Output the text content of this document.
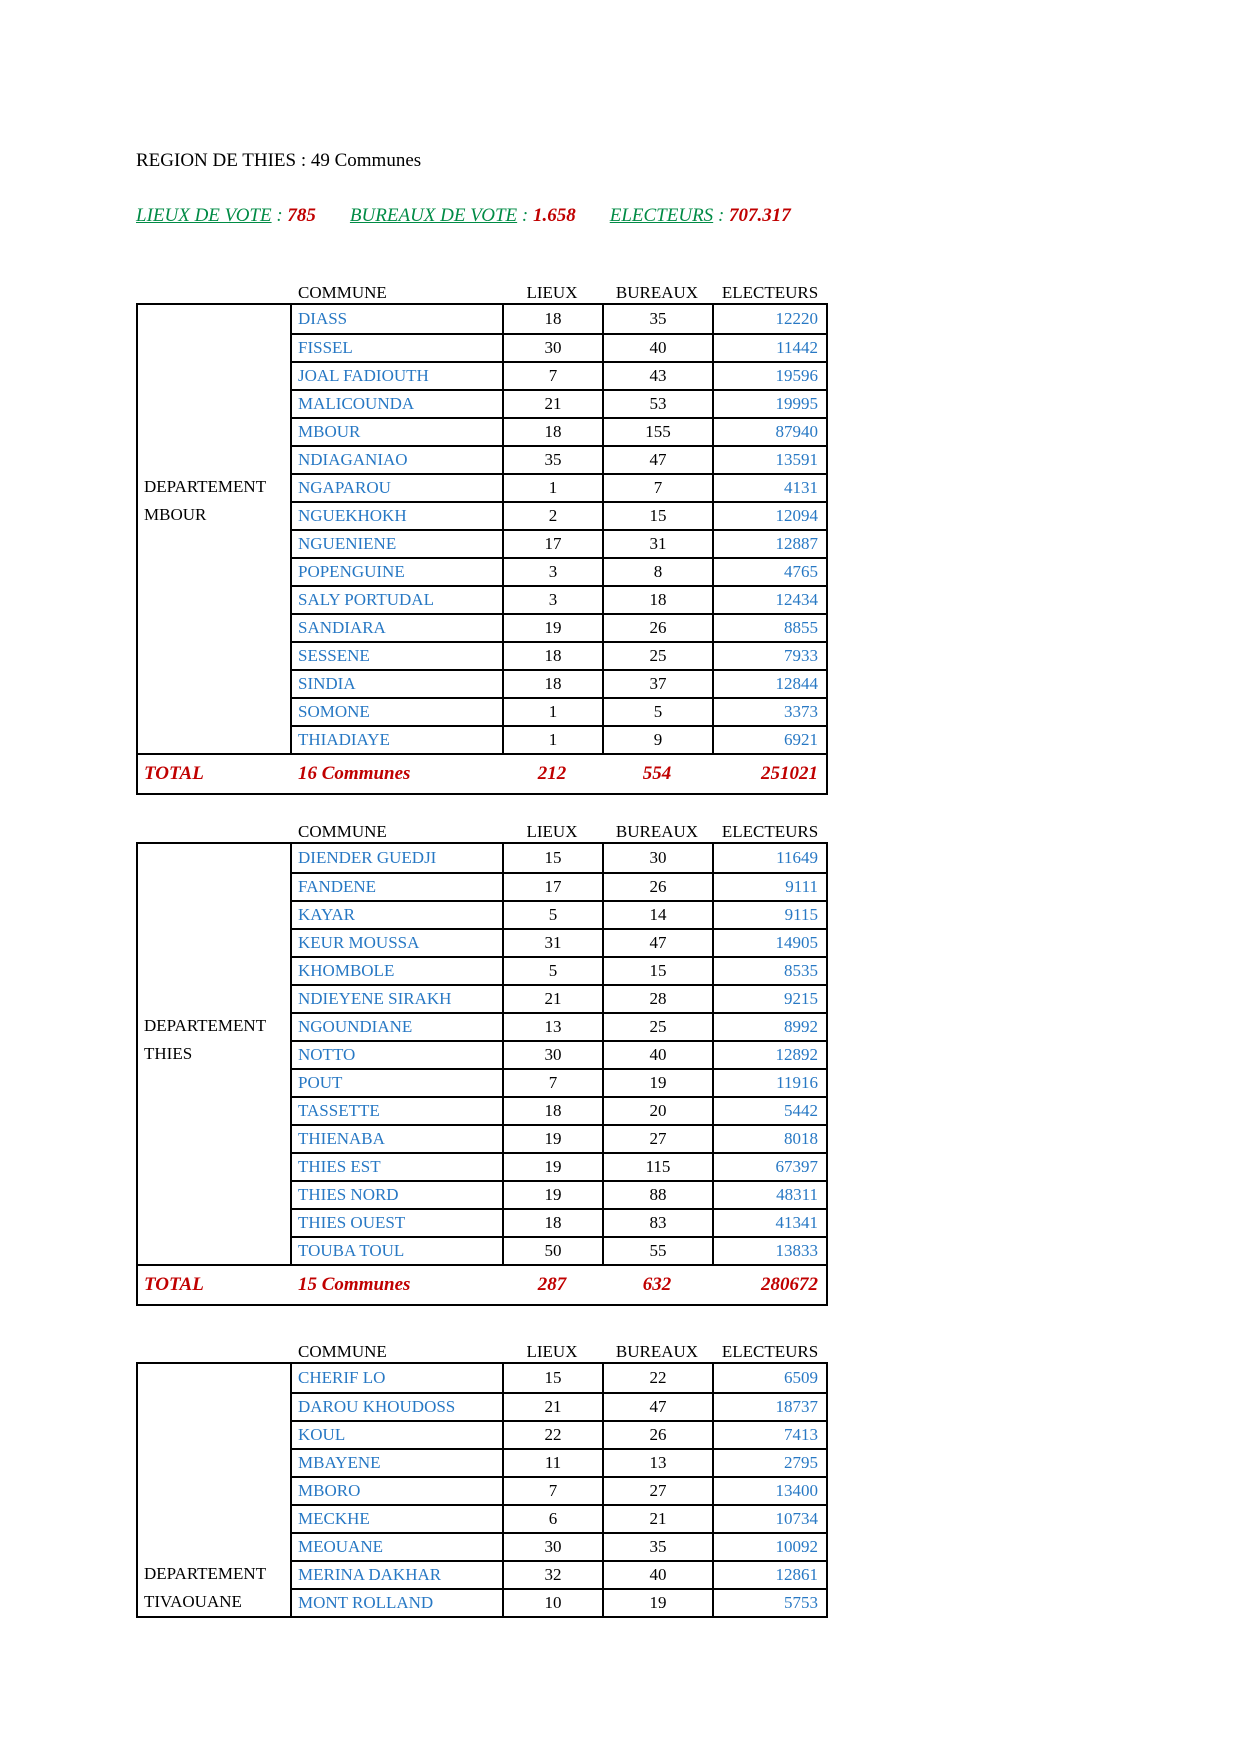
REGION DE THIES : 49 Communes
LIEUX DE VOTE : 785 BUREAUX DE VOTE : 1.658 ELECTEURS : 707.317
COMMUNE	LIEUX	BUREAUX	ELECTEURS
DEPARTEMENT
MBOUR
DIASS	18	35	12220
FISSEL	30	40	11442
JOAL FADIOUTH	7	43	19596
MALICOUNDA	21	53	19995
MBOUR	18	155	87940
NDIAGANIAO	35	47	13591
NGAPAROU	1	7	4131
NGUEKHOKH	2	15	12094
NGUENIENE	17	31	12887
POPENGUINE	3	8	4765
SALY PORTUDAL	3	18	12434
SANDIARA	19	26	8855
SESSENE	18	25	7933
SINDIA	18	37	12844
SOMONE	1	5	3373
THIADIAYE	1	9	6921
TOTAL	16 Communes	212	554	251021
COMMUNE	LIEUX	BUREAUX	ELECTEURS
DEPARTEMENT
THIES
DIENDER GUEDJI	15	30	11649
FANDENE	17	26	9111
KAYAR	5	14	9115
KEUR MOUSSA	31	47	14905
KHOMBOLE	5	15	8535
NDIEYENE SIRAKH	21	28	9215
NGOUNDIANE	13	25	8992
NOTTO	30	40	12892
POUT	7	19	11916
TASSETTE	18	20	5442
THIENABA	19	27	8018
THIES EST	19	115	67397
THIES NORD	19	88	48311
THIES OUEST	18	83	41341
TOUBA TOUL	50	55	13833
TOTAL	15 Communes	287	632	280672
COMMUNE	LIEUX	BUREAUX	ELECTEURS
DEPARTEMENT
TIVAOUANE
CHERIF LO	15	22	6509
DAROU KHOUDOSS	21	47	18737
KOUL	22	26	7413
MBAYENE	11	13	2795
MBORO	7	27	13400
MECKHE	6	21	10734
MEOUANE	30	35	10092
MERINA DAKHAR	32	40	12861
MONT ROLLAND	10	19	5753
